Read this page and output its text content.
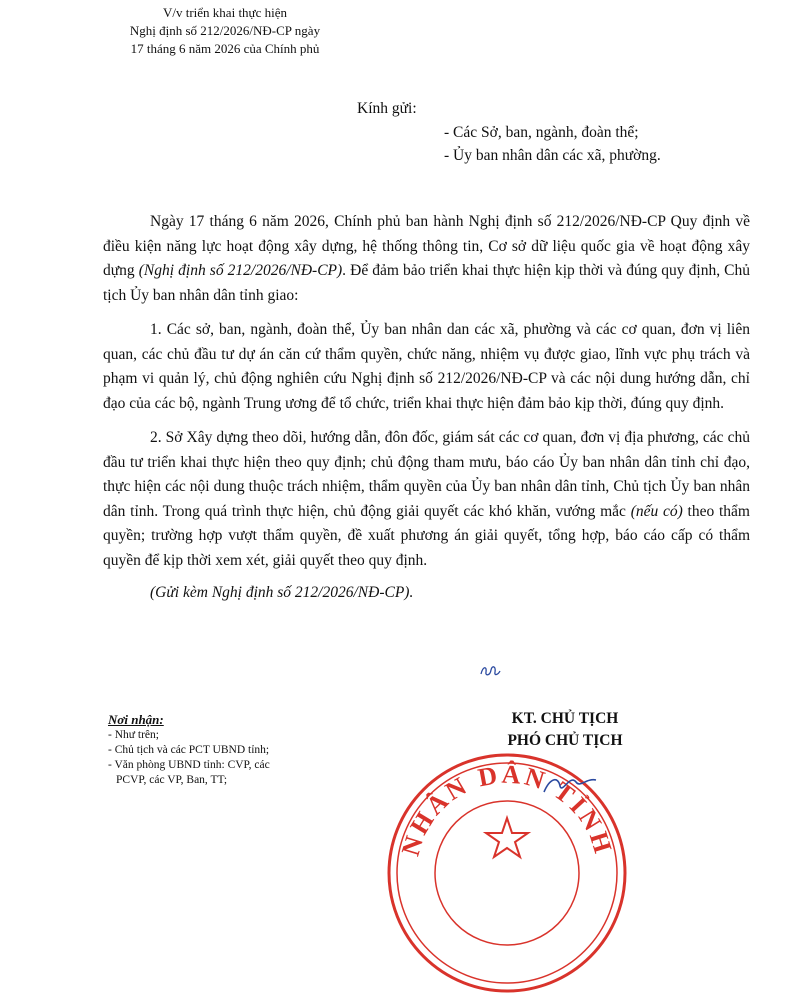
V/v triển khai thực hiện
Nghị định số 212/2026/NĐ-CP ngày
17 tháng 6 năm 2026 của Chính phủ
Kính gửi:
- Các Sở, ban, ngành, đoàn thể;
- Ủy ban nhân dân các xã, phường.

Ngày 17 tháng 6 năm 2026, Chính phủ ban hành Nghị định số 212/2026/NĐ-CP Quy định về điều kiện năng lực hoạt động xây dựng, hệ thống thông tin, Cơ sở dữ liệu quốc gia về hoạt động xây dựng (Nghị định số 212/2026/NĐ-CP). Để đảm bảo triển khai thực hiện kịp thời và đúng quy định, Chủ tịch Ủy ban nhân dân tỉnh giao:

1. Các sở, ban, ngành, đoàn thể, Ủy ban nhân dan các xã, phường và các cơ quan, đơn vị liên quan, các chủ đầu tư dự án căn cứ thẩm quyền, chức năng, nhiệm vụ được giao, lĩnh vực phụ trách và phạm vi quản lý, chủ động nghiên cứu Nghị định số 212/2026/NĐ-CP và các nội dung hướng dẫn, chỉ đạo của các bộ, ngành Trung ương để tổ chức, triển khai thực hiện đảm bảo kịp thời, đúng quy định.

2. Sở Xây dựng theo dõi, hướng dẫn, đôn đốc, giám sát các cơ quan, đơn vị địa phương, các chủ đầu tư triển khai thực hiện theo quy định; chủ động tham mưu, báo cáo Ủy ban nhân dân tỉnh chỉ đạo, thực hiện các nội dung thuộc trách nhiệm, thẩm quyền của Ủy ban nhân dân tỉnh, Chủ tịch Ủy ban nhân dân tỉnh. Trong quá trình thực hiện, chủ động giải quyết các khó khăn, vướng mắc (nếu có) theo thẩm quyền; trường hợp vượt thẩm quyền, đề xuất phương án giải quyết, tổng hợp, báo cáo cấp có thẩm quyền để kịp thời xem xét, giải quyết theo quy định.

(Gửi kèm Nghị định số 212/2026/NĐ-CP).

Nơi nhận:
- Như trên;
- Chủ tịch và các PCT UBND tỉnh;
- Văn phòng UBND tỉnh: CVP, các
PCVP, các VP, Ban, TT;
KT. CHỦ TỊCH
PHÓ CHỦ TỊCH
NHÂN DÂN TỈNH
